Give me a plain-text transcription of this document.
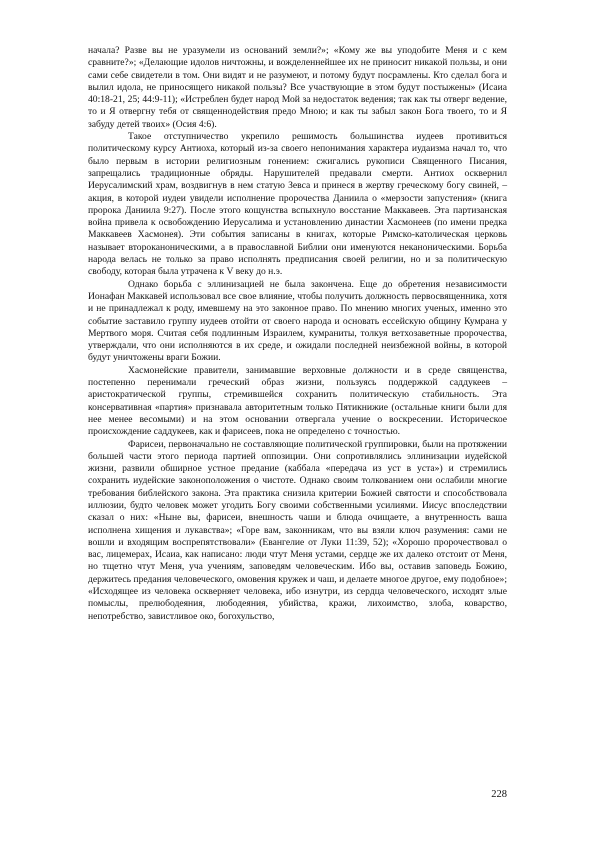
начала? Разве вы не уразумели из оснований земли?»; «Кому же вы уподобите Меня и с кем сравните?»; «Делающие идолов ничтожны, и вожделеннейшее их не приносит никакой пользы, и они сами себе свидетели в том. Они видят и не разумеют, и потому будут посрамлены. Кто сделал бога и вылил идола, не приносящего никакой пользы? Все участвующие в этом будут постыжены» (Исаиа 40:18-21, 25; 44:9-11); «Истреблен будет народ Мой за недостаток ведения; так как ты отверг ведение, то и Я отвергну тебя от священнодействия предо Мною; и как ты забыл закон Бога твоего, то и Я забуду детей твоих» (Осия 4:6).

Такое отступничество укрепило решимость большинства иудеев противиться политическому курсу Антиоха, который из-за своего непонимания характера иудаизма начал то, что было первым в истории религиозным гонением: сжигались рукописи Священного Писания, запрещались традиционные обряды. Нарушителей предавали смерти. Антиох осквернил Иерусалимский храм, воздвигнув в нем статую Зевса и принеся в жертву греческому богу свиней, – акция, в которой иудеи увидели исполнение пророчества Даниила о «мерзости запустения» (книга пророка Даниила 9:27). После этого кощунства вспыхнуло восстание Маккавеев. Эта партизанская война привела к освобождению Иерусалима и установлению династии Хасмонеев (по имени предка Маккавеев Хасмонея). Эти события записаны в книгах, которые Римско-католическая церковь называет второканоническими, а в православной Библии они именуются неканоническими. Борьба народа велась не только за право исполнять предписания своей религии, но и за политическую свободу, которая была утрачена к V веку до н.э.

Однако борьба с эллинизацией не была закончена. Еще до обретения независимости Ионафан Маккавей использовал все свое влияние, чтобы получить должность первосвященника, хотя и не принадлежал к роду, имевшему на это законное право. По мнению многих ученых, именно это событие заставило группу иудеев отойти от своего народа и основать ессейскую общину Кумрана у Мертвого моря. Считая себя подлинным Израилем, кумраниты, толкуя ветхозаветные пророчества, утверждали, что они исполняются в их среде, и ожидали последней неизбежной войны, в которой будут уничтожены враги Божии.

Хасмонейские правители, занимавшие верховные должности и в среде священства, постепенно перенимали греческий образ жизни, пользуясь поддержкой саддукеев – аристократической группы, стремившейся сохранить политическую стабильность. Эта консервативная «партия» признавала авторитетным только Пятикнижие (остальные книги были для нее менее весомыми) и на этом основании отвергала учение о воскресении. Историческое происхождение саддукеев, как и фарисеев, пока не определено с точностью.

Фарисеи, первоначально не составляющие политической группировки, были на протяжении большей части этого периода партией оппозиции. Они сопротивлялись эллинизации иудейской жизни, развили обширное устное предание (каббала «передача из уст в уста») и стремились сохранить иудейские законоположения о чистоте. Однако своим толкованием они ослабили многие требования библейского закона. Эта практика снизила критерии Божией святости и способствовала иллюзии, будто человек может угодить Богу своими собственными усилиями. Иисус впоследствии сказал о них: «Ныне вы, фарисеи, внешность чаши и блюда очищаете, а внутренность ваша исполнена хищения и лукавства»; «Горе вам, законникам, что вы взяли ключ разумения: сами не вошли и входящим воспрепятствовали» (Евангелие от Луки 11:39, 52); «Хорошо пророчествовал о вас, лицемерах, Исаиа, как написано: люди чтут Меня устами, сердце же их далеко отстоит от Меня, но тщетно чтут Меня, уча учениям, заповедям человеческим. Ибо вы, оставив заповедь Божию, держитесь предания человеческого, омовения кружек и чаш, и делаете многое другое, ему подобное»; «Исходящее из человека оскверняет человека, ибо изнутри, из сердца человеческого, исходят злые помыслы, прелюбодеяния, любодеяния, убийства, кражи, лихоимство, злоба, коварство, непотребство, завистливое око, богохульство,

228
